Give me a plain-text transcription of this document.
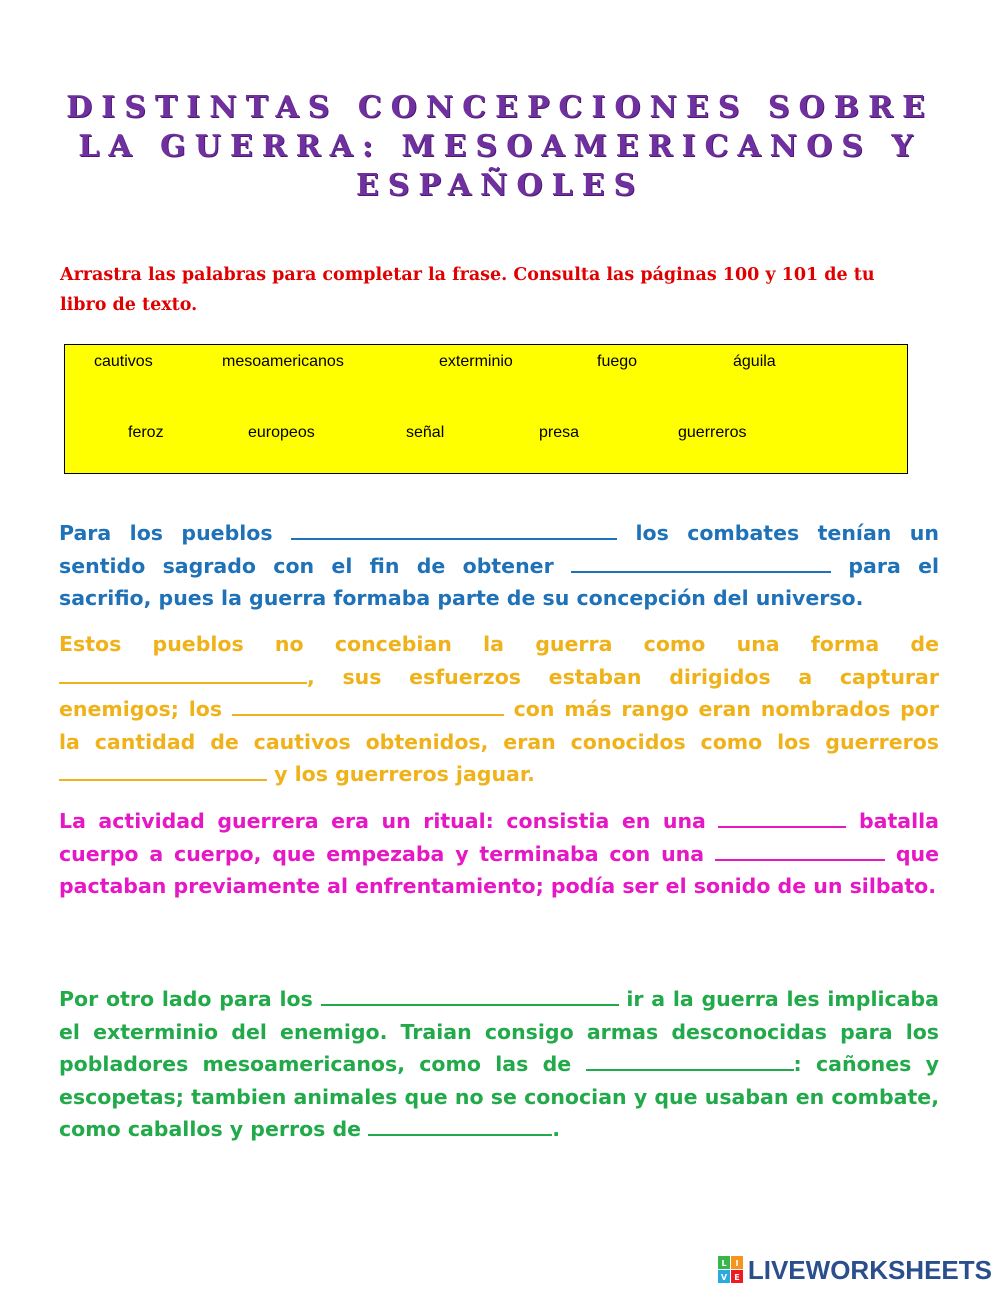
DISTINTAS CONCEPCIONES SOBRE LA GUERRA: MESOAMERICANOS Y ESPAÑOLES
Arrastra las palabras para completar la frase. Consulta las páginas 100 y 101 de tu libro de texto.
cautivos	mesoamericanos	exterminio	fuego	águila
feroz	europeos	señal	presa	guerreros
Para los pueblos	los combates tenían un sentido sagrado con el fin de obtener	para el sacrifio, pues la guerra formaba parte de su concepción del universo.
Estos pueblos no concebian la guerra como una forma de , sus esfuerzos estaban dirigidos a capturar enemigos; los	con más rango eran nombrados por la cantidad de cautivos obtenidos, eran conocidos como los guerreros  y los guerreros jaguar.
La actividad guerrera era un ritual: consistia en una	batalla cuerpo a cuerpo, que empezaba y terminaba con una	que pactaban previamente al enfrentamiento; podía ser el sonido de un silbato.
Por otro lado para los	ir a la guerra les implicaba el exterminio del enemigo. Traian consigo armas desconocidas para los pobladores mesoamericanos, como las de	: cañones y escopetas; tambien animales que no se conocian y que usaban en combate, como caballos y perros de	.
L I
V E LIVEWORKSHEETS
